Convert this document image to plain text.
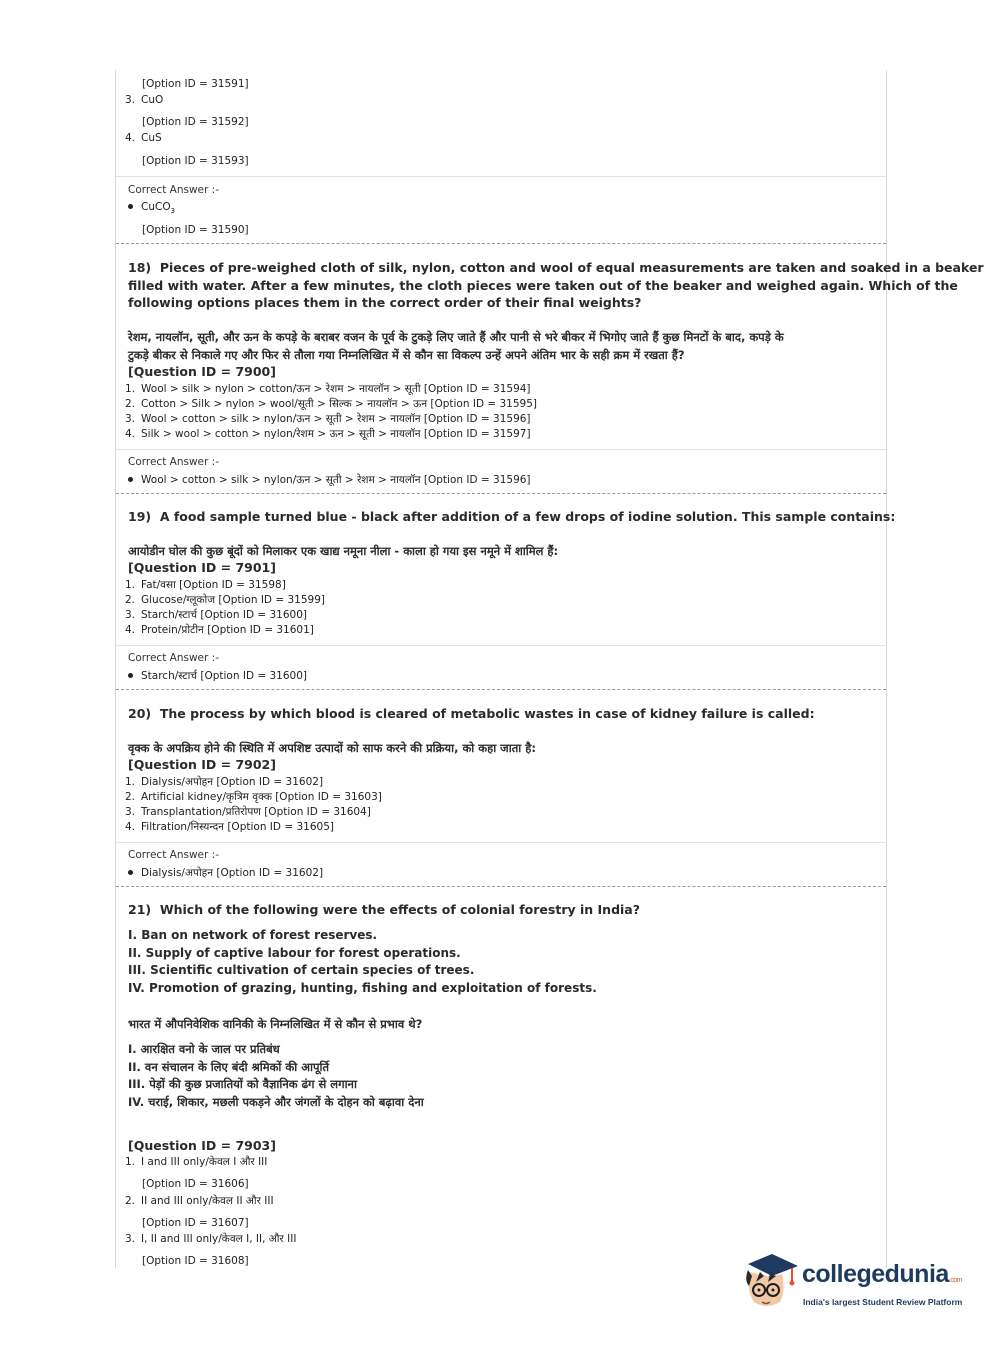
[Option ID = 31591]
3. CuO
[Option ID = 31592]
4. CuS
[Option ID = 31593]
Correct Answer :-
CuCO$_3$
[Option ID = 31590]
18) Pieces of pre-weighed cloth of silk, nylon, cotton and wool of equal measurements are taken and soaked in a beaker
filled with water. After a few minutes, the cloth pieces were taken out of the beaker and weighed again. Which of the
following options places them in the correct order of their final weights?
रेशम, नायलॉन, सूती, और ऊन के कपड़े के बराबर वजन के पूर्व के टुकड़े लिए जाते हैं और पानी से भरे बीकर में भिगोए जाते हैं कुछ मिनटों के बाद, कपड़े के
टुकड़े बीकर से निकाले गए और फिर से तौला गया निम्नलिखित में से कौन सा विकल्प उन्हें अपने अंतिम भार के सही क्रम में रखता हैं?
[Question ID = 7900]
1. Wool > silk > nylon > cotton/ऊन > रेशम > नायलॉन > सूती [Option ID = 31594]
2. Cotton > Silk > nylon > wool/सूती > सिल्क > नायलॉन > ऊन [Option ID = 31595]
3. Wool > cotton > silk > nylon/ऊन > सूती > रेशम > नायलॉन [Option ID = 31596]
4. Silk > wool > cotton > nylon/रेशम > ऊन > सूती > नायलॉन [Option ID = 31597]
Correct Answer :-
Wool > cotton > silk > nylon/ऊन > सूती > रेशम > नायलॉन [Option ID = 31596]
19) A food sample turned blue - black after addition of a few drops of iodine solution. This sample contains:
आयोडीन घोल की कुछ बूंदों को मिलाकर एक खाद्य नमूना नीला - काला हो गया इस नमूने में शामिल हैं:
[Question ID = 7901]
1. Fat/वसा [Option ID = 31598]
2. Glucose/ग्लूकोज [Option ID = 31599]
3. Starch/स्टार्च [Option ID = 31600]
4. Protein/प्रोटीन [Option ID = 31601]
Correct Answer :-
Starch/स्टार्च [Option ID = 31600]
20) The process by which blood is cleared of metabolic wastes in case of kidney failure is called:
वृक्क के अपक्रिय होने की स्थिति में अपशिष्ट उत्पादों को साफ करने की प्रक्रिया, को कहा जाता है:
[Question ID = 7902]
1. Dialysis/अपोहन [Option ID = 31602]
2. Artificial kidney/कृत्रिम वृक्क [Option ID = 31603]
3. Transplantation/प्रतिरोपण [Option ID = 31604]
4. Filtration/निस्यन्दन [Option ID = 31605]
Correct Answer :-
Dialysis/अपोहन [Option ID = 31602]
21) Which of the following were the effects of colonial forestry in India?
I. Ban on network of forest reserves.
II. Supply of captive labour for forest operations.
III. Scientific cultivation of certain species of trees.
IV. Promotion of grazing, hunting, fishing and exploitation of forests.
भारत में औपनिवेशिक वानिकी के निम्नलिखित में से कौन से प्रभाव थे?
I. आरक्षित वनो के जाल पर प्रतिबंध
II. वन संचालन के लिए बंदी श्रमिकों की आपूर्ति
III. पेड़ों की कुछ प्रजातियों को वैज्ञानिक ढंग से लगाना
IV. चराई, शिकार, मछली पकड़ने और जंगलों के दोहन को बढ़ावा देना
[Question ID = 7903]
1. I and III only/केवल I और III
[Option ID = 31606]
2. II and III only/केवल II और III
[Option ID = 31607]
3. I, II and III only/केवल I, II, और III
[Option ID = 31608]	collegedunia.com
India's largest Student Review Platform
